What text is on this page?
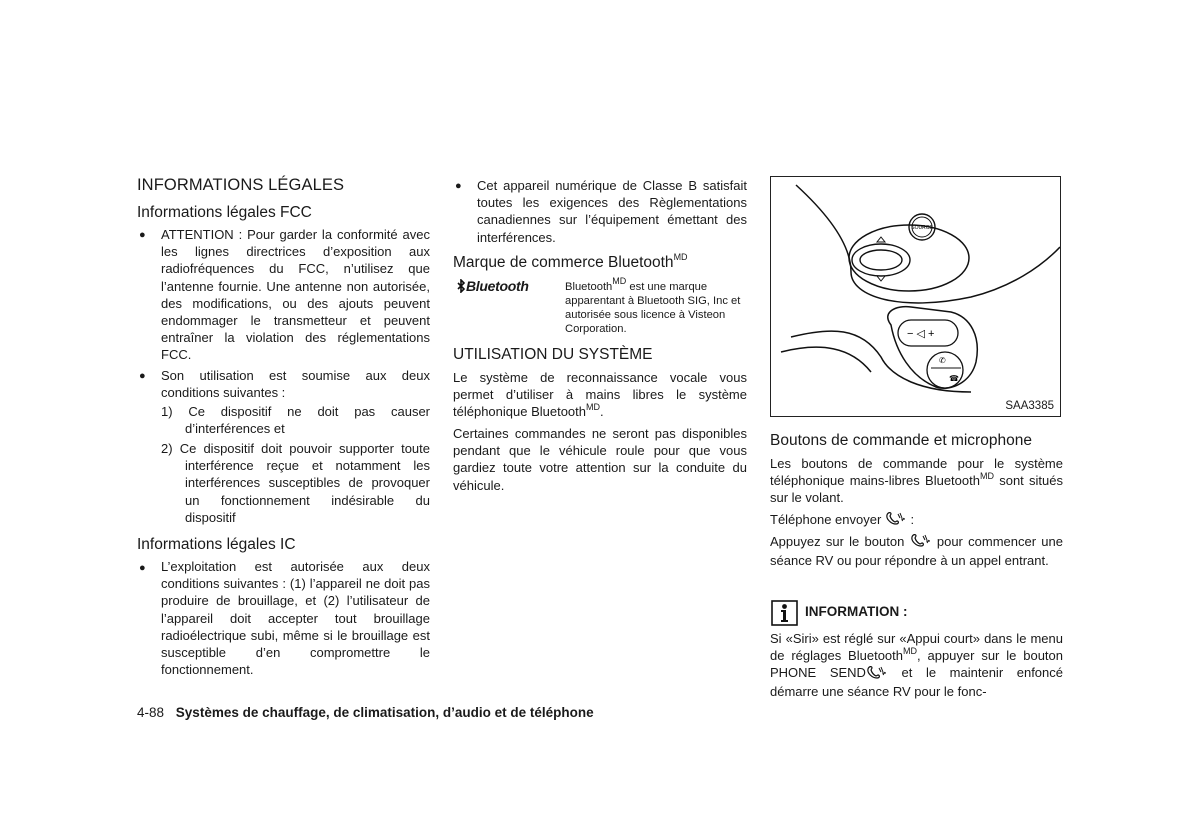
INFORMATIONS LÉGALES
Informations légales FCC
● ATTENTION : Pour garder la conformité avec les lignes directrices d’exposition aux radiofréquences du FCC, n’utilisez que l’antenne fournie. Une antenne non autorisée, des modifications, ou des ajouts peuvent endommager le transmetteur et peuvent entraîner la violation des réglementations FCC.

● Son utilisation est soumise aux deux conditions suivantes :

1) Ce dispositif ne doit pas causer d’interférences et

2) Ce dispositif doit pouvoir supporter toute interférence reçue et notamment les interférences susceptibles de provoquer un fonctionnement indésirable du dispositif

Informations légales IC
● L’exploitation est autorisée aux deux conditions suivantes : (1) l’appareil ne doit pas produire de brouillage, et (2) l’utilisateur de l’appareil doit accepter tout brouillage radioélectrique subi, même si le brouillage est susceptible d’en compromettre le fonctionnement.

● Cet appareil numérique de Classe B satisfait toutes les exigences des Règlementations canadiennes sur l’équipement émettant des interférences.

Marque de commerce Bluetooth$^{MD}$
Bluetooth	Bluetooth$^{MD}$ est une marque apparentant à Bluetooth SIG, Inc et autorisée sous licence à Visteon Corporation.

UTILISATION DU SYSTÈME

Le système de reconnaissance vocale vous permet d’utiliser à mains libres le système téléphonique Bluetooth$^{MD}$.

Certaines commandes ne seront pas disponibles pendant que le véhicule roule pour que vous gardiez toute votre attention sur la conduite du véhicule.

SOURCE
− ◁ +
✆
☎
SAA3385
Boutons de commande et microphone

Les boutons de commande pour le système téléphonique mains-libres Bluetooth$^{MD}$ sont situés sur le volant.

Téléphone envoyer  :

Appuyez sur le bouton  pour commencer une séance RV ou pour répondre à un appel entrant.

INFORMATION :

Si «Siri» est réglé sur «Appui court» dans le menu de réglages Bluetooth$^{MD}$, appuyer sur le bouton PHONE SEND et le maintenir enfoncé démarre une séance RV pour le fonc-

4-88 Systèmes de chauffage, de climatisation, d’audio et de téléphone
